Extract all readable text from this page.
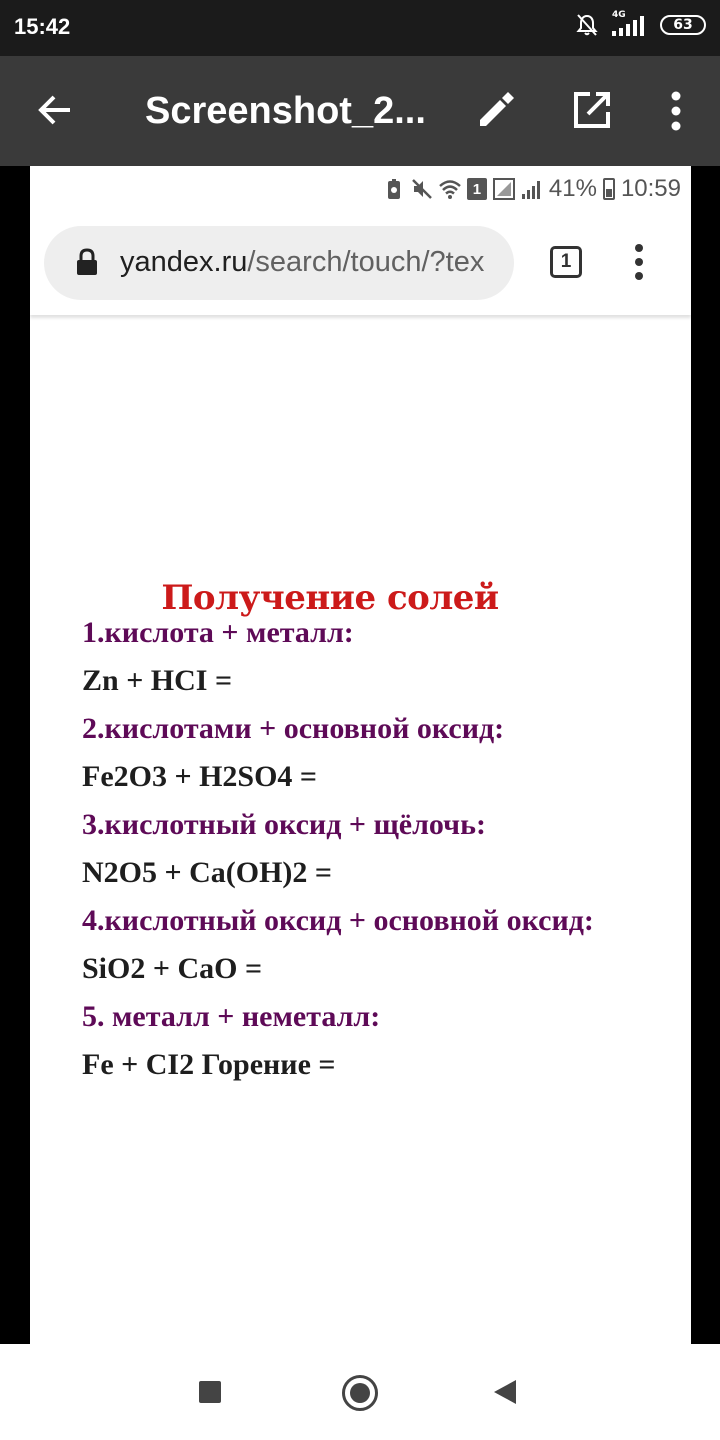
15:42	4G
63
Screenshot_2...
1	41% 10:59
yandex.ru/search/touch/?tex	1
Получение солей
1.кислота + металл:
Zn + HCI =
2.кислотами + основной оксид:
Fe2O3 + H2SO4 =
3.кислотный оксид + щёлочь:
N2O5 + Ca(OH)2 =
4.кислотный оксид + основной оксид:
SiO2 + CaO =
5. металл + неметалл:
Fe + CI2 Горение =
